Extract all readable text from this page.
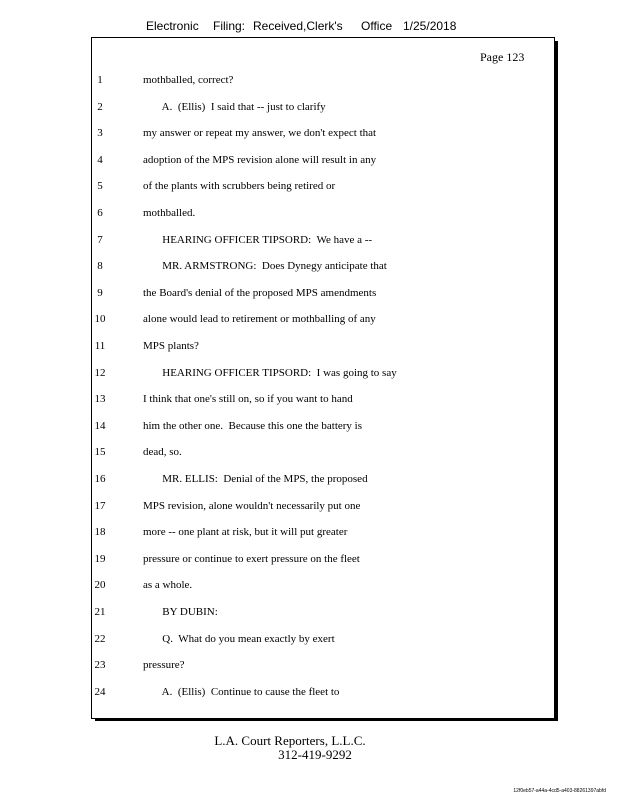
Electronic Filing: Received,Clerk's Office 1/25/2018
Page 123
1	mothballed, correct?
2	A.  (Ellis)  I said that -- just to clarify
3	my answer or repeat my answer, we don't expect that
4	adoption of the MPS revision alone will result in any
5	of the plants with scrubbers being retired or
6	mothballed.
7	HEARING OFFICER TIPSORD:  We have a --
8	MR. ARMSTRONG:  Does Dynegy anticipate that
9	the Board's denial of the proposed MPS amendments
10	alone would lead to retirement or mothballing of any
11	MPS plants?
12	HEARING OFFICER TIPSORD:  I was going to say
13	I think that one's still on, so if you want to hand
14	him the other one.  Because this one the battery is
15	dead, so.
16	MR. ELLIS:  Denial of the MPS, the proposed
17	MPS revision, alone wouldn't necessarily put one
18	more -- one plant at risk, but it will put greater
19	pressure or continue to exert pressure on the fleet
20	as a whole.
21	BY DUBIN:
22	Q.  What do you mean exactly by exert
23	pressure?
24	A.  (Ellis)  Continue to cause the fleet to
L.A. Court Reporters, L.L.C.
312-419-9292
12f0eb57-a44a-4cd5-a403-88261397abfd
